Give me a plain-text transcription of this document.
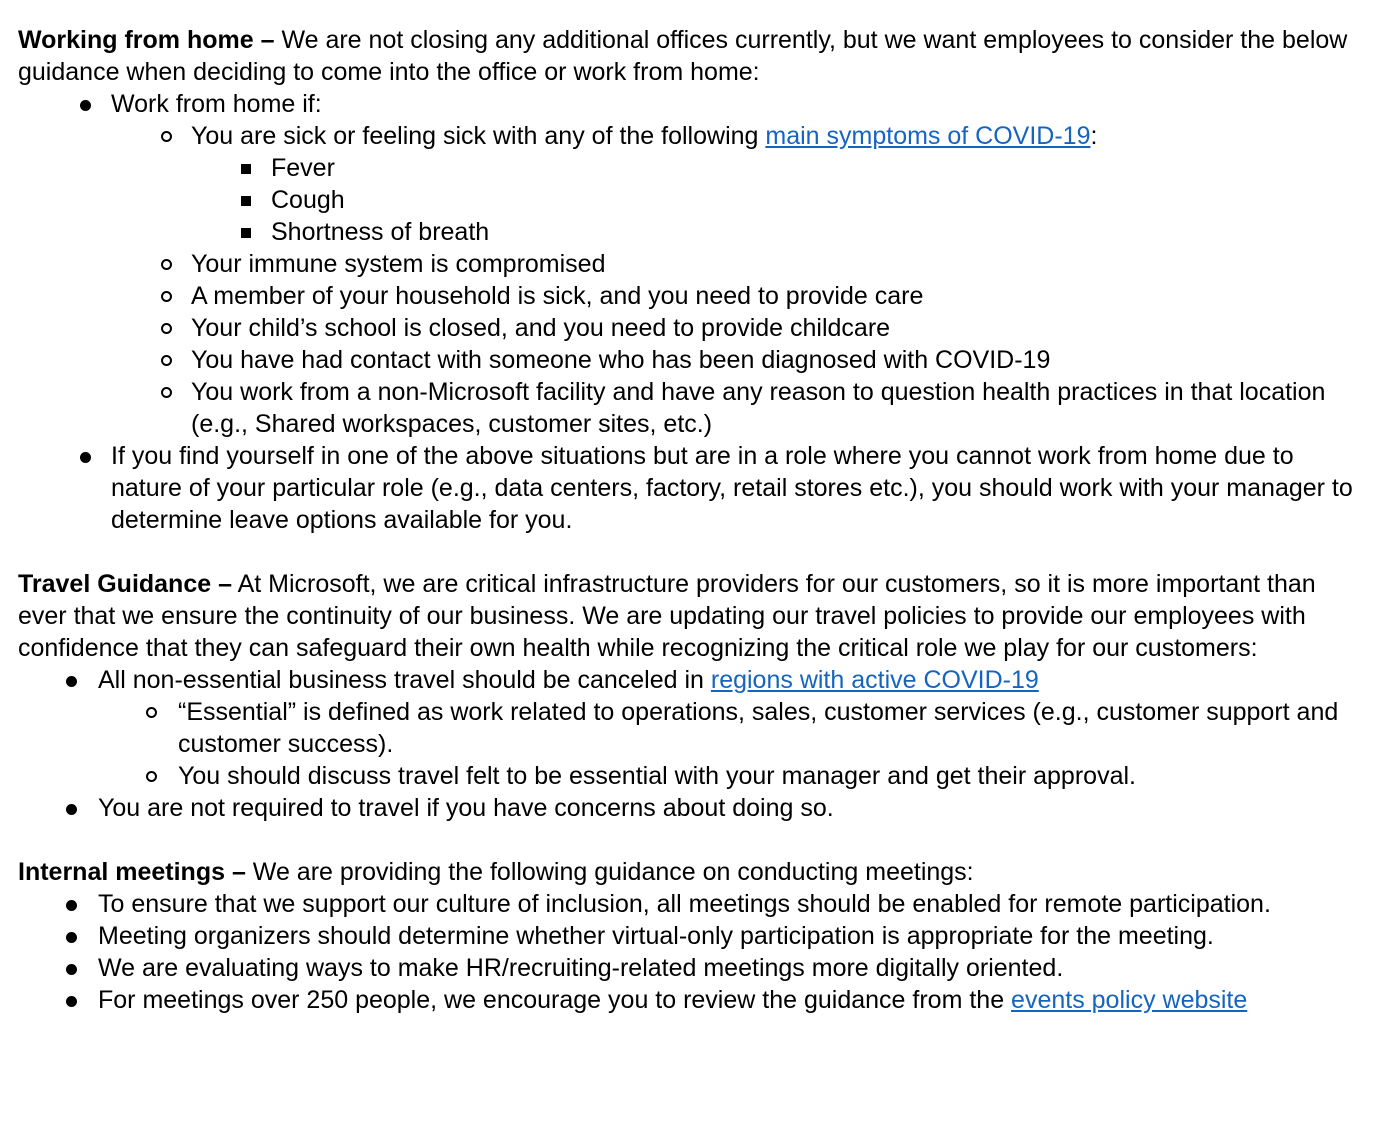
Working from home – We are not closing any additional offices currently, but we want employees to consider the below guidance when deciding to come into the office or work from home:

Work from home if:
You are sick or feeling sick with any of the following main symptoms of COVID-19:
Fever
Cough
Shortness of breath
Your immune system is compromised
A member of your household is sick, and you need to provide care
Your child’s school is closed, and you need to provide childcare
You have had contact with someone who has been diagnosed with COVID-19
You work from a non-Microsoft facility and have any reason to question health practices in that location (e.g., Shared workspaces, customer sites, etc.)
If you find yourself in one of the above situations but are in a role where you cannot work from home due to nature of your particular role (e.g., data centers, factory, retail stores etc.), you should work with your manager to determine leave options available for you.

Travel Guidance – At Microsoft, we are critical infrastructure providers for our customers, so it is more important than ever that we ensure the continuity of our business. We are updating our travel policies to provide our employees with confidence that they can safeguard their own health while recognizing the critical role we play for our customers:

All non-essential business travel should be canceled in regions with active COVID-19
“Essential” is defined as work related to operations, sales, customer services (e.g., customer support and customer success).
You should discuss travel felt to be essential with your manager and get their approval.
You are not required to travel if you have concerns about doing so.

Internal meetings – We are providing the following guidance on conducting meetings:

To ensure that we support our culture of inclusion, all meetings should be enabled for remote participation.
Meeting organizers should determine whether virtual-only participation is appropriate for the meeting.
We are evaluating ways to make HR/recruiting-related meetings more digitally oriented.
For meetings over 250 people, we encourage you to review the guidance from the events policy website
